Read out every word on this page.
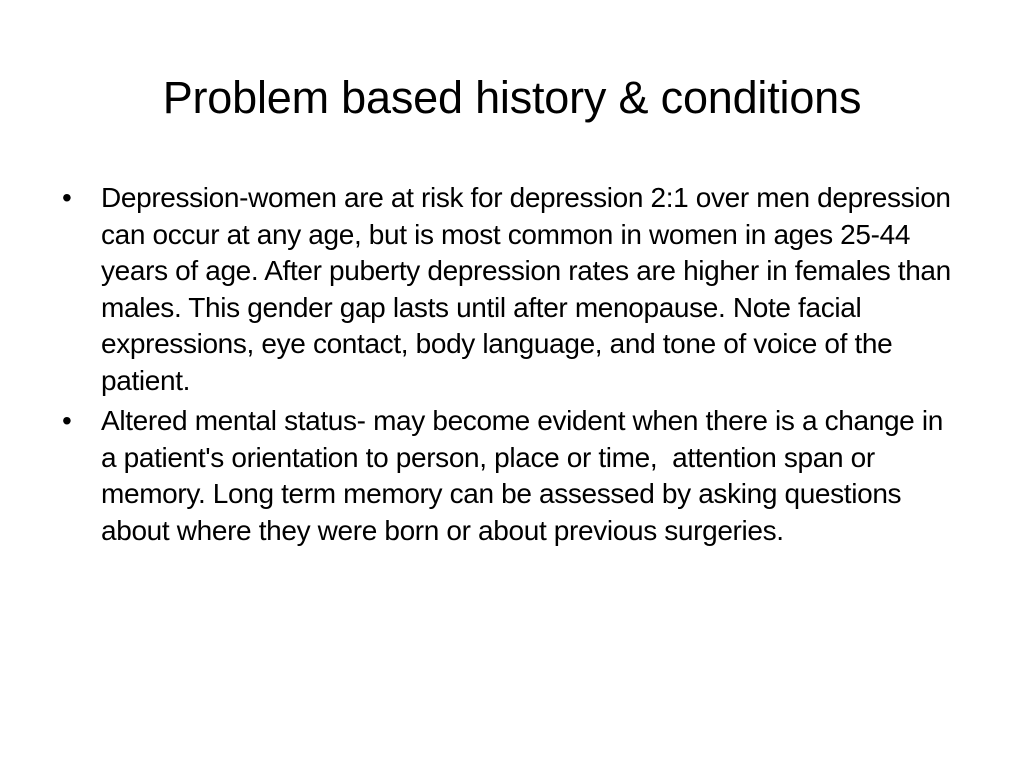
Problem based history & conditions
•	Depression-women are at risk for depression 2:1 over men depression can occur at any age, but is most common in women in ages 25-44 years of age. After puberty depression rates are higher in females than males. This gender gap lasts until after menopause. Note facial expressions, eye contact, body language, and tone of voice of the patient.
•	Altered mental status- may become evident when there is a change in a patient's orientation to person, place or time,  attention span or memory. Long term memory can be assessed by asking questions about where they were born or about previous surgeries.
